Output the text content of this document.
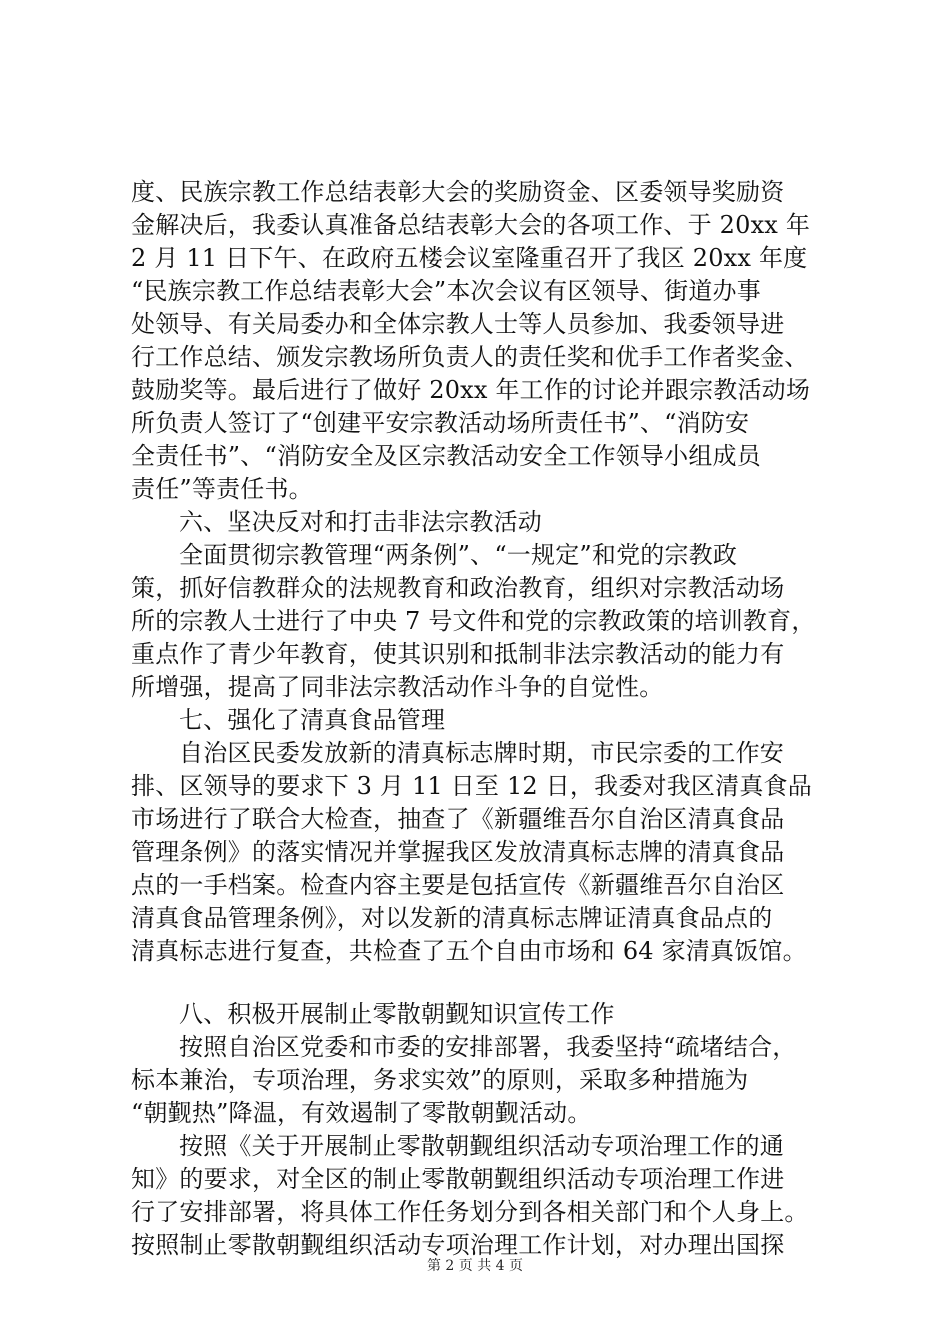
度、民族宗教工作总结表彰大会的奖励资金、区委领导奖励资
金解决后，我委认真准备总结表彰大会的各项工作、于 20xx 年
2 月 11 日下午、在政府五楼会议室隆重召开了我区 20xx 年度
“民族宗教工作总结表彰大会”本次会议有区领导、街道办事
处领导、有关局委办和全体宗教人士等人员参加、我委领导进
行工作总结、颁发宗教场所负责人的责任奖和优手工作者奖金、
鼓励奖等。最后进行了做好 20xx 年工作的讨论并跟宗教活动场
所负责人签订了“创建平安宗教活动场所责任书”、“消防安
全责任书”、“消防安全及区宗教活动安全工作领导小组成员
责任”等责任书。
六、坚决反对和打击非法宗教活动
全面贯彻宗教管理“两条例”、“一规定”和党的宗教政
策，抓好信教群众的法规教育和政治教育，组织对宗教活动场
所的宗教人士进行了中央 7 号文件和党的宗教政策的培训教育，
重点作了青少年教育，使其识别和抵制非法宗教活动的能力有
所增强，提高了同非法宗教活动作斗争的自觉性。
七、强化了清真食品管理
自治区民委发放新的清真标志牌时期，市民宗委的工作安
排、区领导的要求下 3 月 11 日至 12 日，我委对我区清真食品
市场进行了联合大检查，抽查了《新疆维吾尔自治区清真食品
管理条例》的落实情况并掌握我区发放清真标志牌的清真食品
点的一手档案。检查内容主要是包括宣传《新疆维吾尔自治区
清真食品管理条例》，对以发新的清真标志牌证清真食品点的
清真标志进行复查，共检查了五个自由市场和 64 家清真饭馆。
八、积极开展制止零散朝觐知识宣传工作
按照自治区党委和市委的安排部署，我委坚持“疏堵结合，
标本兼治，专项治理，务求实效”的原则，采取多种措施为
“朝觐热”降温，有效遏制了零散朝觐活动。
按照《关于开展制止零散朝觐组织活动专项治理工作的通
知》的要求，对全区的制止零散朝觐组织活动专项治理工作进
行了安排部署，将具体工作任务划分到各相关部门和个人身上。
按照制止零散朝觐组织活动专项治理工作计划，对办理出国探
第 2 页 共 4 页
